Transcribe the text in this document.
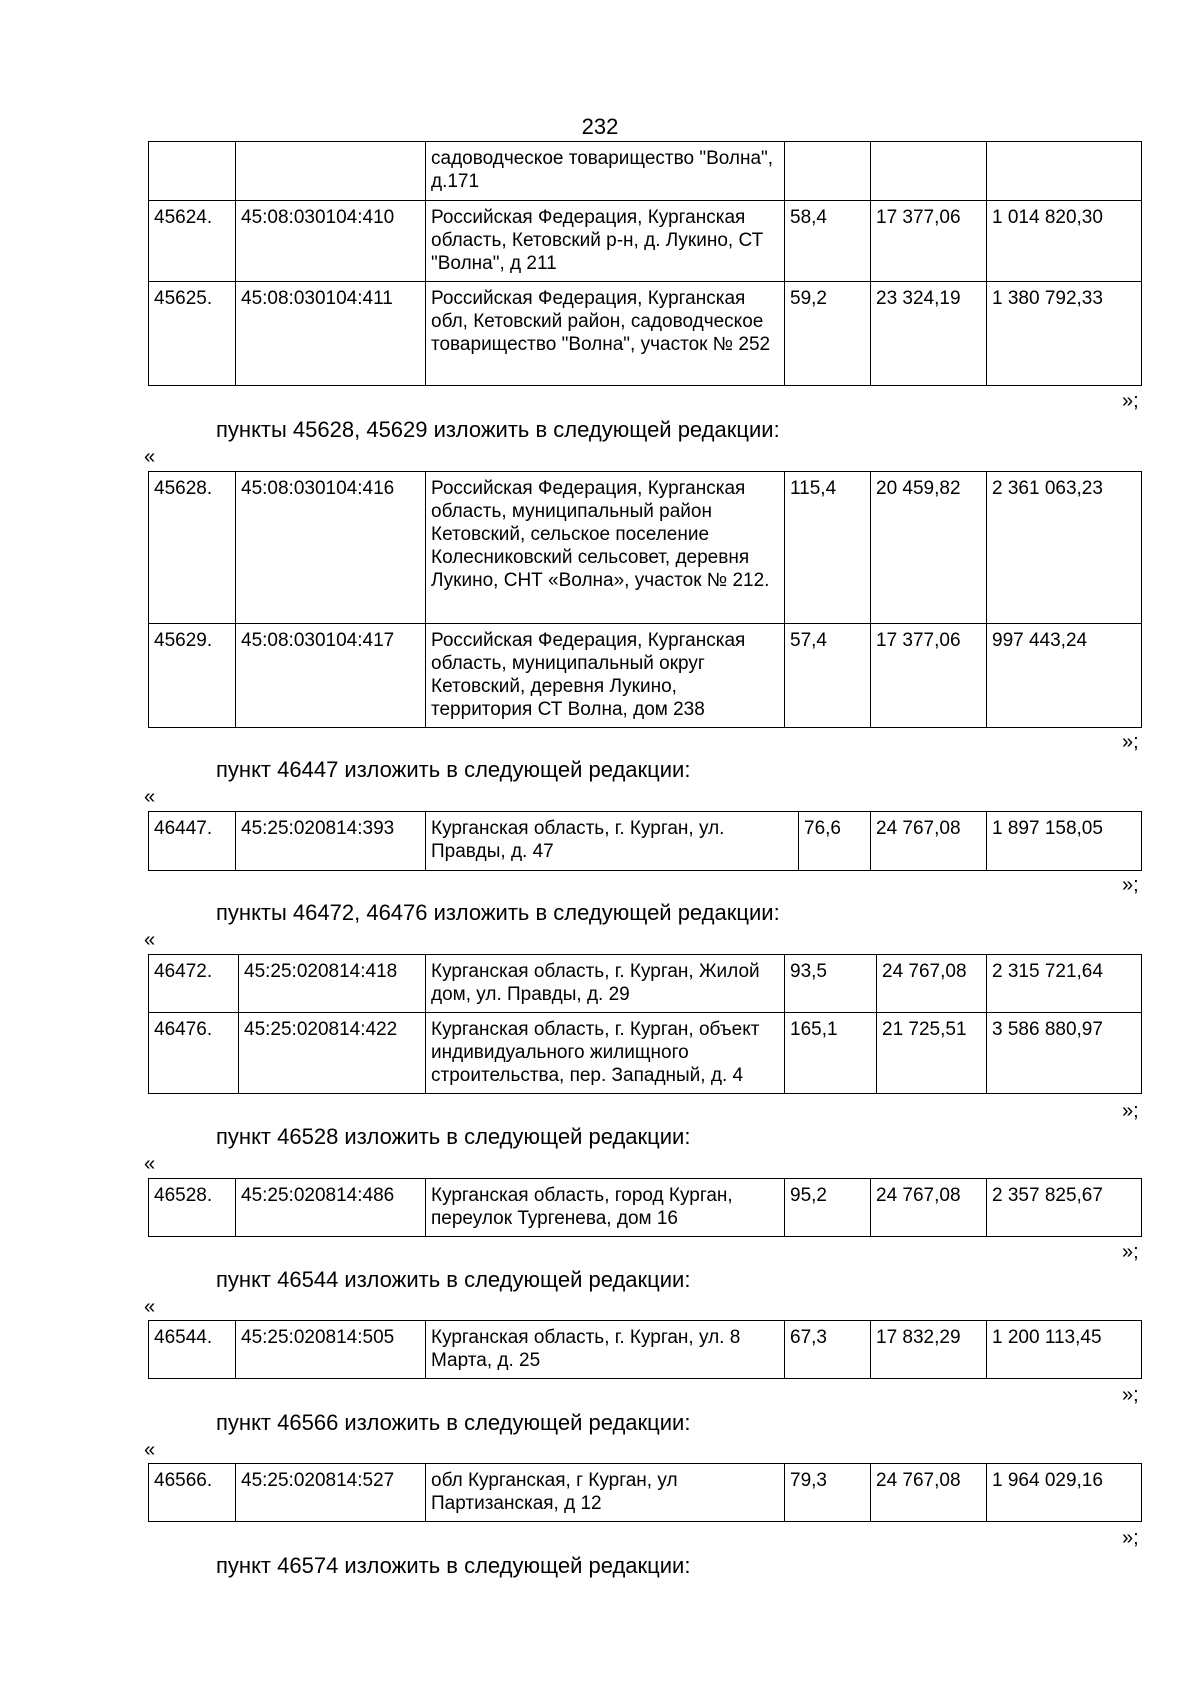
232
		садоводческое товарищество "Волна", д.171			
45624.	45:08:030104:410	Российская Федерация, Курганская область, Кетовский р-н, д. Лукино, СТ "Волна", д 211	58,4	17 377,06	1 014 820,30
45625.	45:08:030104:411	Российская Федерация, Курганская обл, Кетовский район, садоводческое товарищество "Волна", участок № 252	59,2	23 324,19	1 380 792,33
»;
пункты 45628, 45629 изложить в следующей редакции:
«
45628.	45:08:030104:416	Российская Федерация, Курганская область, муниципальный район Кетовский, сельское поселение Колесниковский сельсовет, деревня Лукино, СНТ «Волна», участок № 212.	115,4	20 459,82	2 361 063,23
45629.	45:08:030104:417	Российская Федерация, Курганская область, муниципальный округ Кетовский, деревня Лукино, территория СТ Волна, дом 238	57,4	17 377,06	997 443,24
»;
пункт 46447 изложить в следующей редакции:
«
46447.	45:25:020814:393	Курганская область, г. Курган, ул. Правды, д. 47	76,6	24 767,08	1 897 158,05
»;
пункты 46472, 46476 изложить в следующей редакции:
«
46472.	45:25:020814:418	Курганская область, г. Курган, Жилой дом, ул. Правды, д. 29	93,5	24 767,08	2 315 721,64
46476.	45:25:020814:422	Курганская область, г. Курган, объект индивидуального жилищного строительства, пер. Западный, д. 4	165,1	21 725,51	3 586 880,97
»;
пункт 46528 изложить в следующей редакции:
«
46528.	45:25:020814:486	Курганская область, город Курган, переулок Тургенева, дом 16	95,2	24 767,08	2 357 825,67
»;
пункт 46544 изложить в следующей редакции:
«
46544.	45:25:020814:505	Курганская область, г. Курган, ул. 8 Марта, д. 25	67,3	17 832,29	1 200 113,45
»;
пункт 46566 изложить в следующей редакции:
«
46566.	45:25:020814:527	обл Курганская, г Курган, ул Партизанская, д 12	79,3	24 767,08	1 964 029,16
»;
пункт 46574 изложить в следующей редакции:
